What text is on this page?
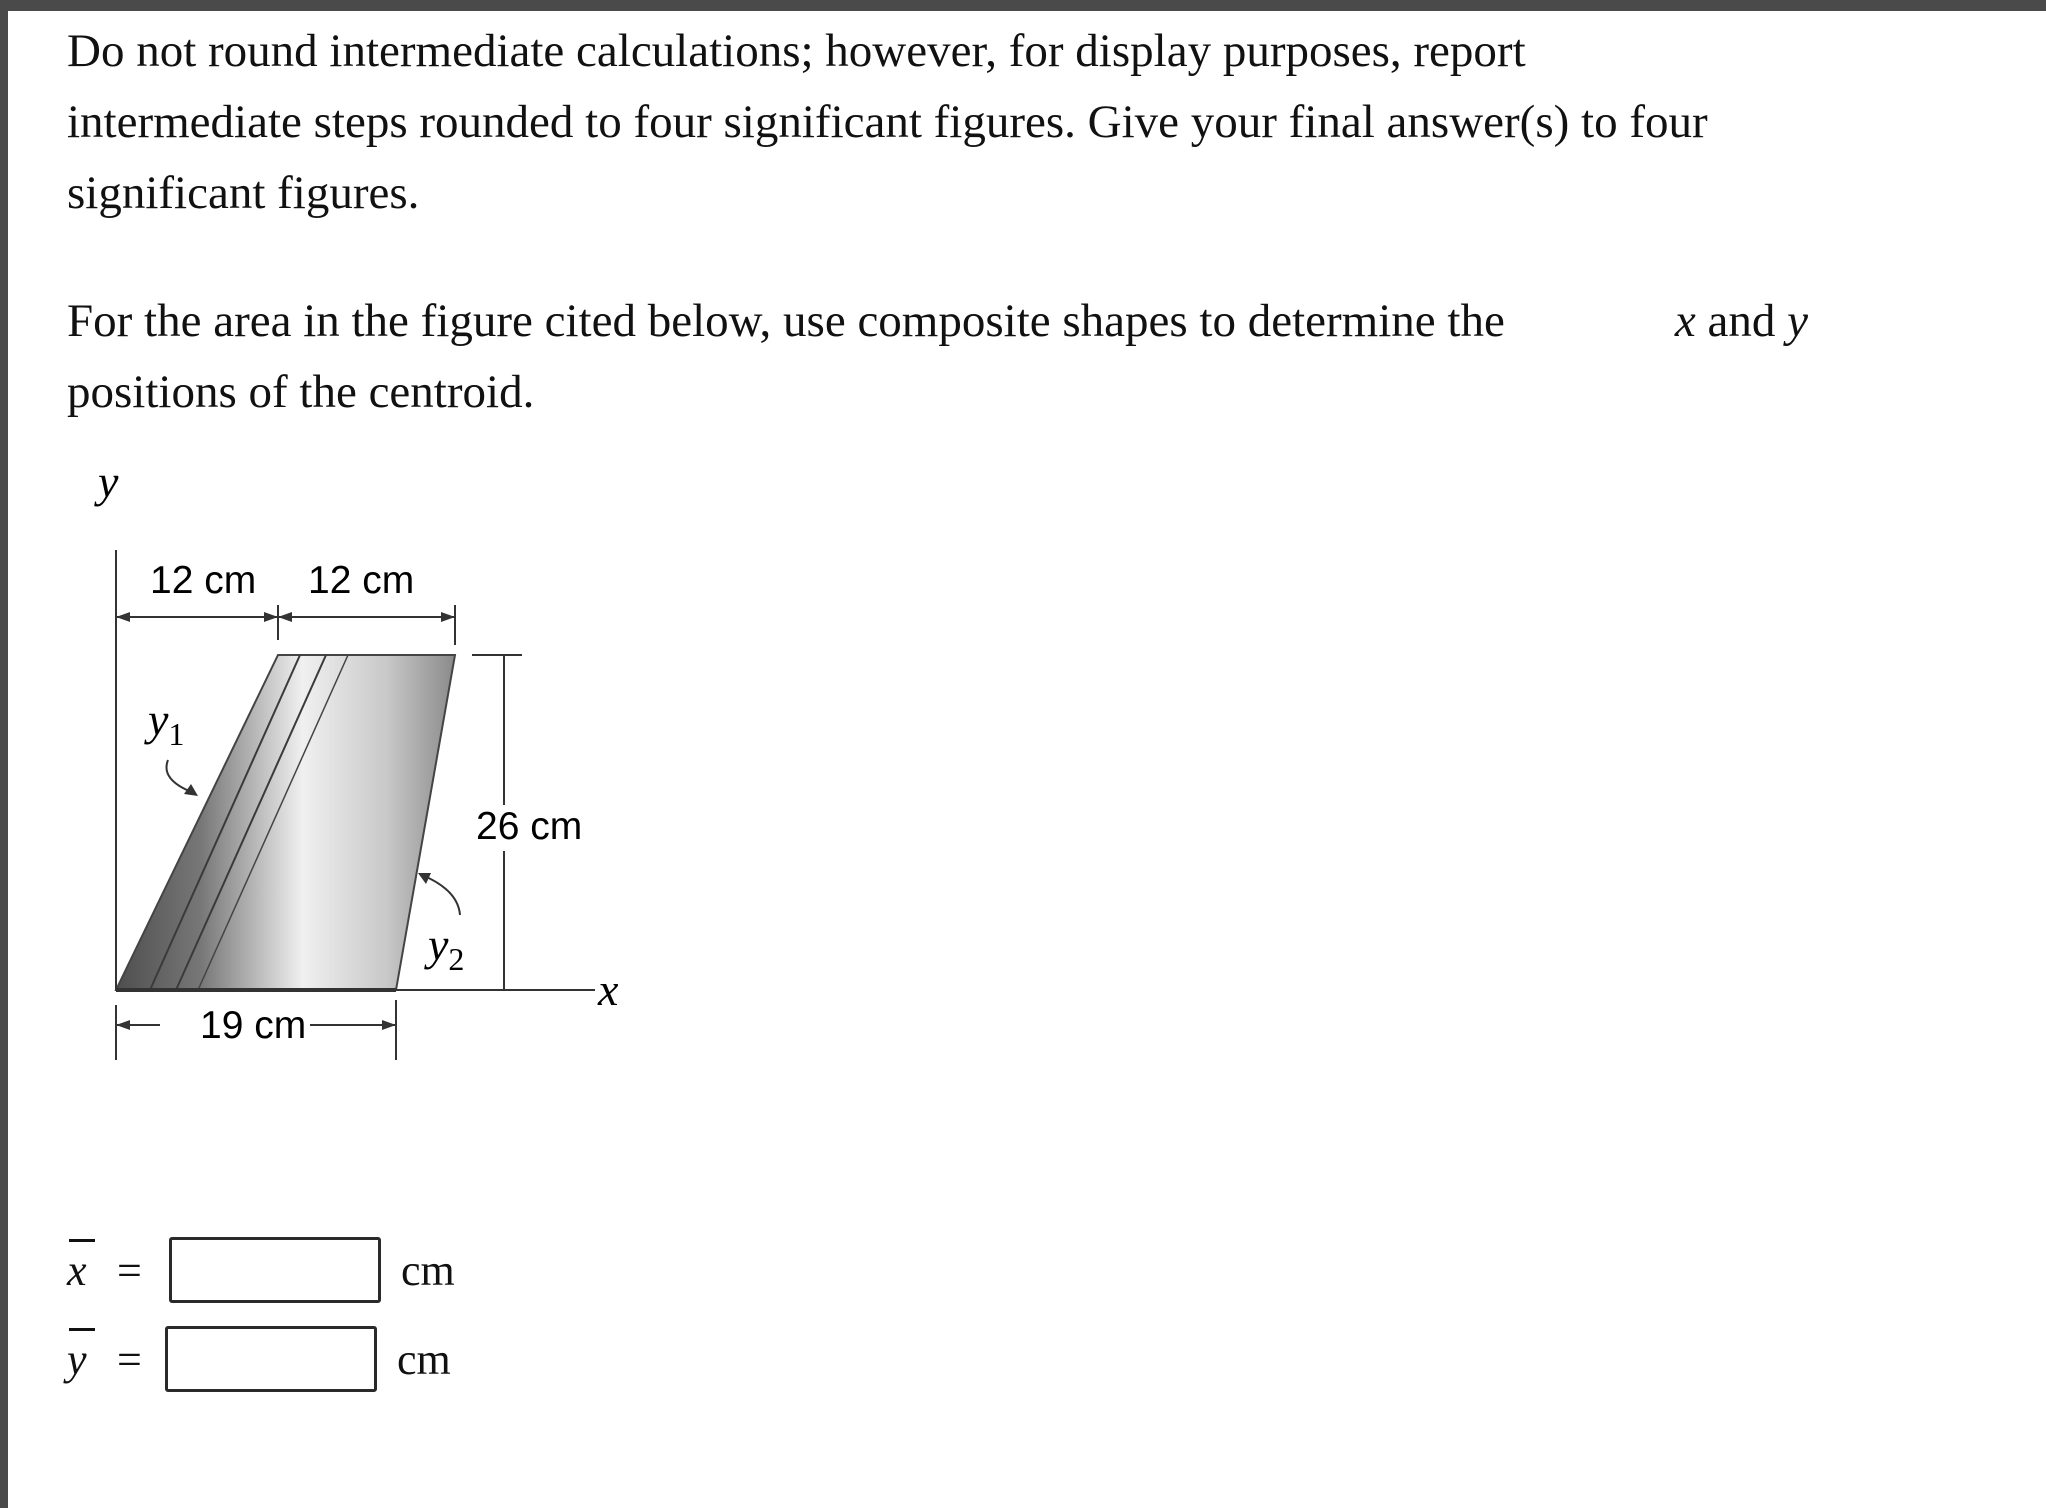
Do not round intermediate calculations; however, for display purposes, report
intermediate steps rounded to four significant figures. Give your final answer(s) to four
significant figures.

For the area in the figure cited below, use composite shapes to determine the	x and y
positions of the centroid.

y
x
12 cm 12 cm
26 cm
19 cm
$y_1$
$y_2$
x =	cm
y =	cm
